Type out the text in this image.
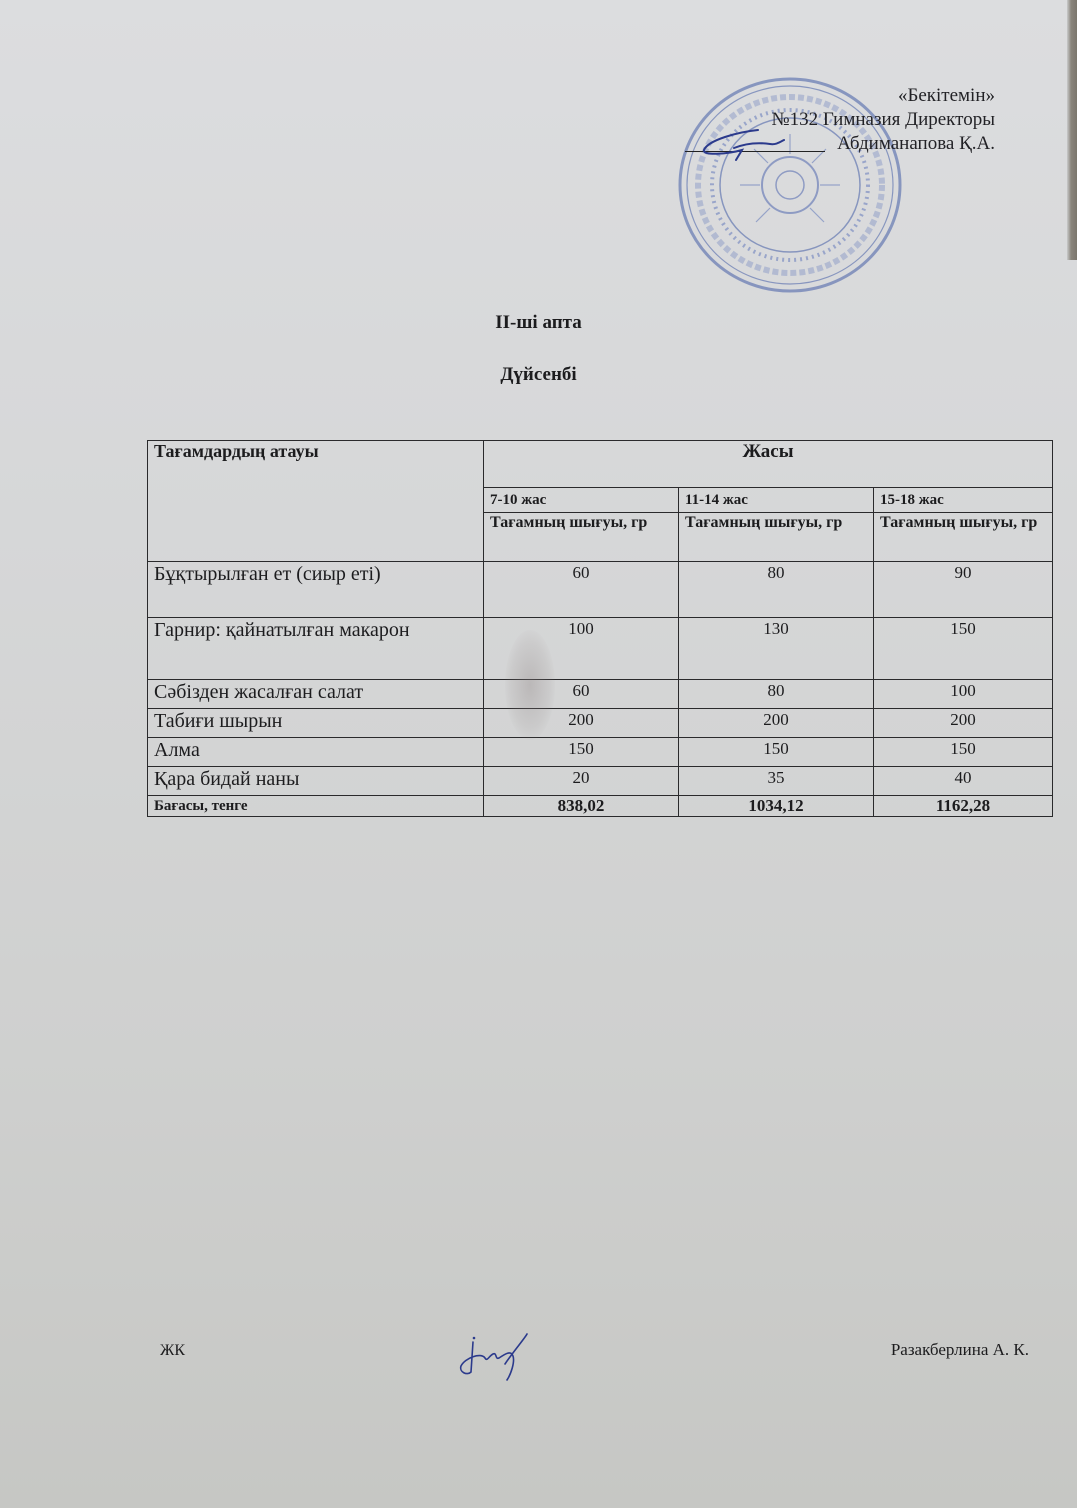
«Бекітемін»
№132 Гимназия Директоры
Абдиманапова Қ.А.
II-ші апта
Дүйсенбі
Тағамдардың атауы	Жасы		
	7-10 жас	11-14 жас	15-18 жас
	Тағамның шығуы, гр	Тағамның шығуы, гр	Тағамның шығуы, гр
Бұқтырылған ет (сиыр еті)	60	80	90
Гарнир: қайнатылған макарон	100	130	150
Сәбізден жасалған салат	60	80	100
Табиғи шырын	200	200	200
Алма	150	150	150
Қара бидай наны	20	35	40
Бағасы, тенге	838,02	1034,12	1162,28
ЖК	Разакберлина А. К.
